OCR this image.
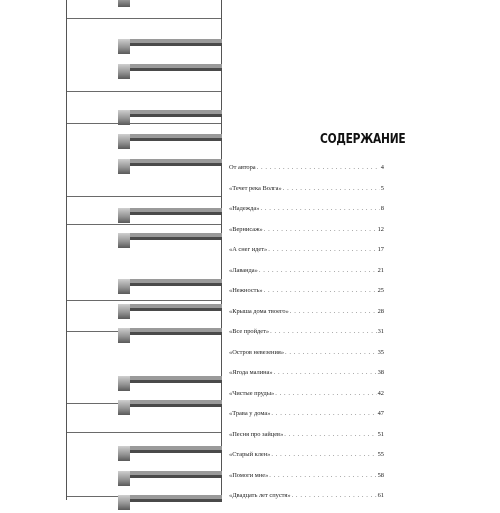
СОДЕРЖАНИЕ
От автора . . .	4
«Течет река Волга» . . .	5
«Надежда» . . .	8
«Вернисаж» . . .	12
«А снег идет» . . .	17
«Лаванда» . . .	21
«Нежность» . . .	25
«Крыша дома твоего» . . .	28
«Все пройдет» . . .	31
«Остров невезения» . . .	35
«Ягода малина» . . .	38
«Чистые пруды» . . .	42
«Трава у дома» . . .	47
«Песня про зайцев» . . .	51
«Старый клен» . . .	55
«Помоги мне» . . .	58
«Двадцать лет спустя» . . .	61
